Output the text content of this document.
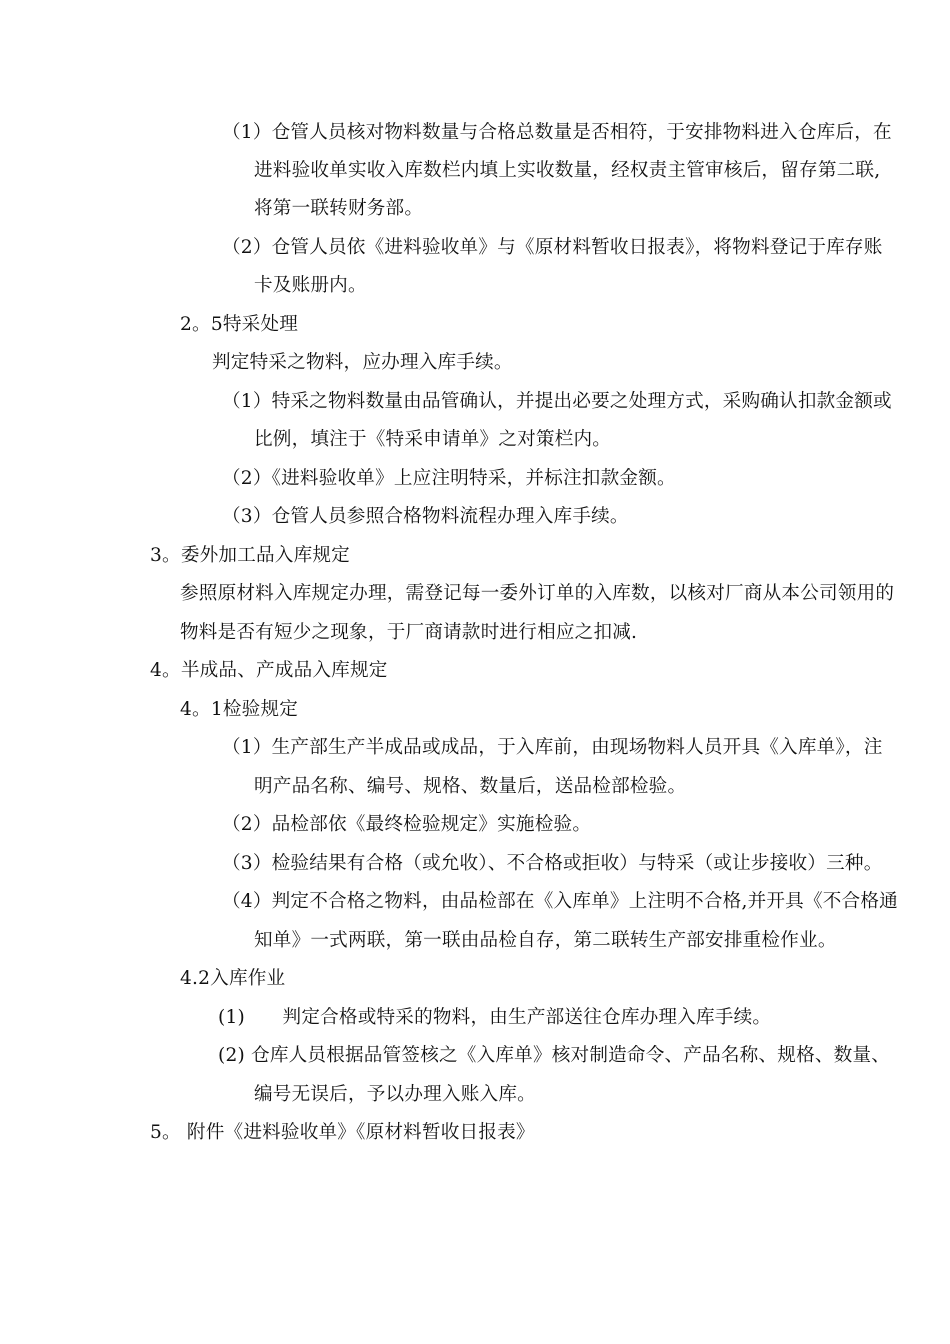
（1）仓管人员核对物料数量与合格总数量是否相符，于安排物料进入仓库后，在
进料验收单实收入库数栏内填上实收数量，经权责主管审核后，留存第二联,
将第一联转财务部。
（2）仓管人员依《进料验收单》与《原材料暂收日报表》，将物料登记于库存账
卡及账册内。
2。5特采处理
判定特采之物料，应办理入库手续。
（1）特采之物料数量由品管确认，并提出必要之处理方式，采购确认扣款金额或
比例，填注于《特采申请单》之对策栏内。
（2）《进料验收单》上应注明特采，并标注扣款金额。
（3）仓管人员参照合格物料流程办理入库手续。
3。委外加工品入库规定
参照原材料入库规定办理，需登记每一委外订单的入库数，以核对厂商从本公司领用的
物料是否有短少之现象，于厂商请款时进行相应之扣减.
4。半成品、产成品入库规定
4。1检验规定
（1）生产部生产半成品或成品，于入库前，由现场物料人员开具《入库单》，注
明产品名称、编号、规格、数量后，送品检部检验。
（2）品检部依《最终检验规定》实施检验。
（3）检验结果有合格（或允收）、不合格或拒收）与特采（或让步接收）三种。
（4）判定不合格之物料，由品检部在《入库单》上注明不合格,并开具《不合格通
知单》一式两联，第一联由品检自存，第二联转生产部安排重检作业。
4.2入库作业
(1)　　判定合格或特采的物料，由生产部送往仓库办理入库手续。
(2) 仓库人员根据品管签核之《入库单》核对制造命令、产品名称、规格、数量、
编号无误后，予以办理入账入库。
5。 附件《进料验收单》《原材料暂收日报表》
